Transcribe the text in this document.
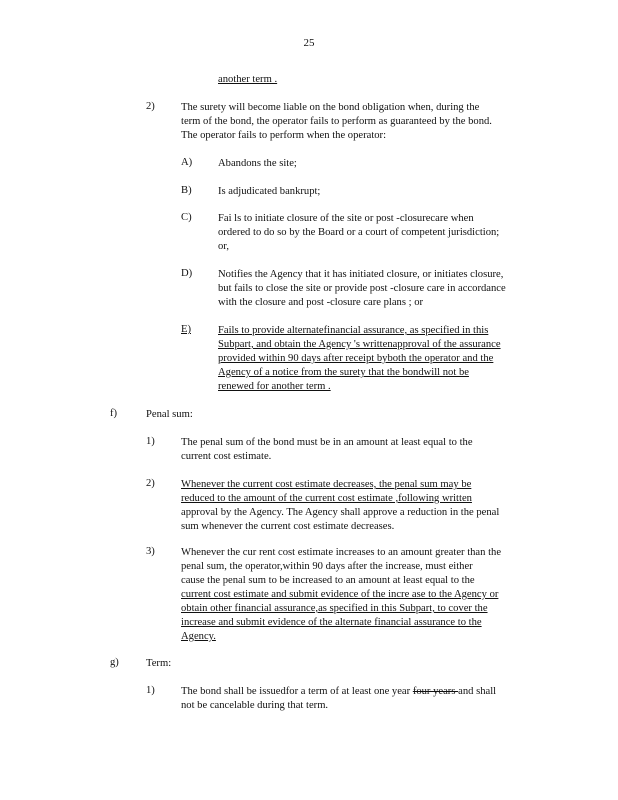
25
another term .
2) The surety will become liable on the bond obligation when, during the

term of the bond, the operator fails to perform as guaranteed by the bond.

The operator fails to perform when the operator:

A) Abandons the site;

B) Is adjudicated bankrupt;

C) Fai ls to initiate closure of the site or post -closurecare when

ordered to do so by the Board or a court of competent jurisdiction;

or,

D) Notifies the Agency that it has initiated closure, or initiates closure,

but fails to close the site or provide post -closure care in accordance

with the closure and post -closure care plans ; or

E)	Fails to provide alternatefinancial assurance, as specified in this

Subpart, and obtain the Agency 's writtenapproval of the assurance

provided within 90 days after receipt byboth the operator and the

Agency of a notice from the surety that the bondwill not be

renewed for another term .

f)	Penal sum:
1) The penal sum of the bond must be in an amount at least equal to the

current cost estimate.

2) Whenever the current cost estimate decreases, the penal sum may be

reduced to the amount of the current cost estimate ,following written

approval by the Agency. The Agency shall approve a reduction in the penal

sum whenever the current cost estimate decreases.

3) Whenever the cur rent cost estimate increases to an amount greater than the

penal sum, the operator,within 90 days after the increase, must either

cause the penal sum to be increased to an amount at least equal to the

current cost estimate and submit evidence of the incre ase to the Agency or

obtain other financial assurance,as specified in this Subpart, to cover the

increase and submit evidence of the alternate financial assurance to the

Agency.

g)	Term:
1) The bond shall be issuedfor a term of at least one year four years and shall

not be cancelable during that term.
